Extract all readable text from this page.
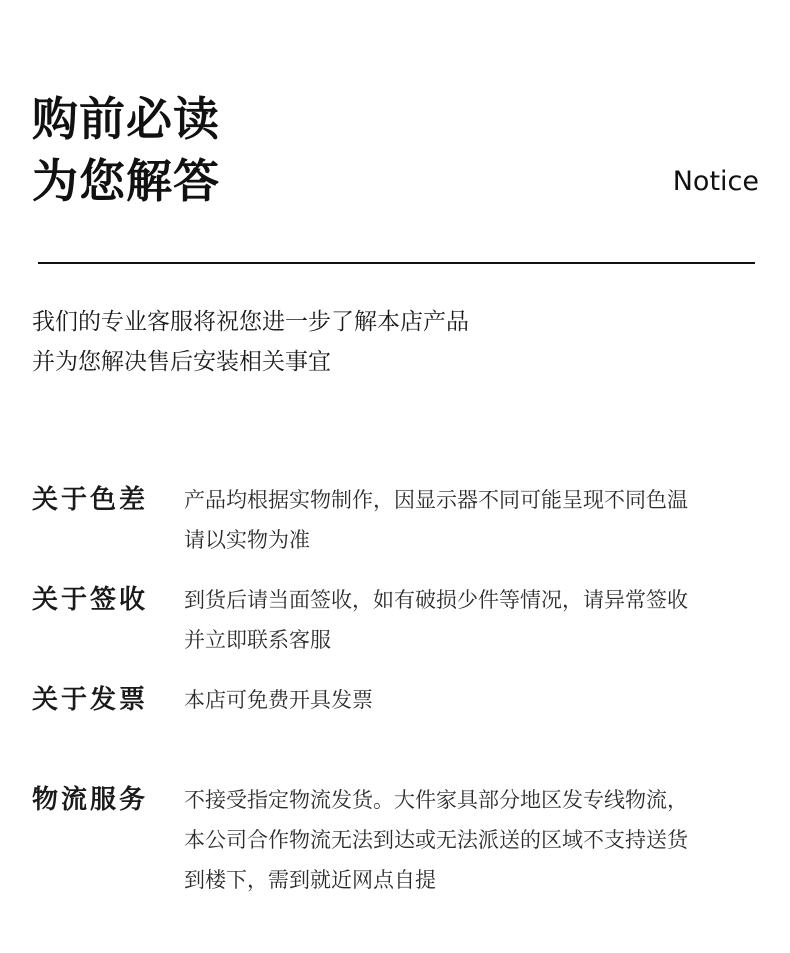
购前必读
为您解答	Notice
我们的专业客服将祝您进一步了解本店产品
并为您解决售后安装相关事宜
关于色差 产品均根据实物制作，因显示器不同可能呈现不同色温
请以实物为准
关于签收 到货后请当面签收，如有破损少件等情况，请异常签收
并立即联系客服
关于发票 本店可免费开具发票
物流服务 不接受指定物流发货。大件家具部分地区发专线物流，
本公司合作物流无法到达或无法派送的区域不支持送货
到楼下，需到就近网点自提
